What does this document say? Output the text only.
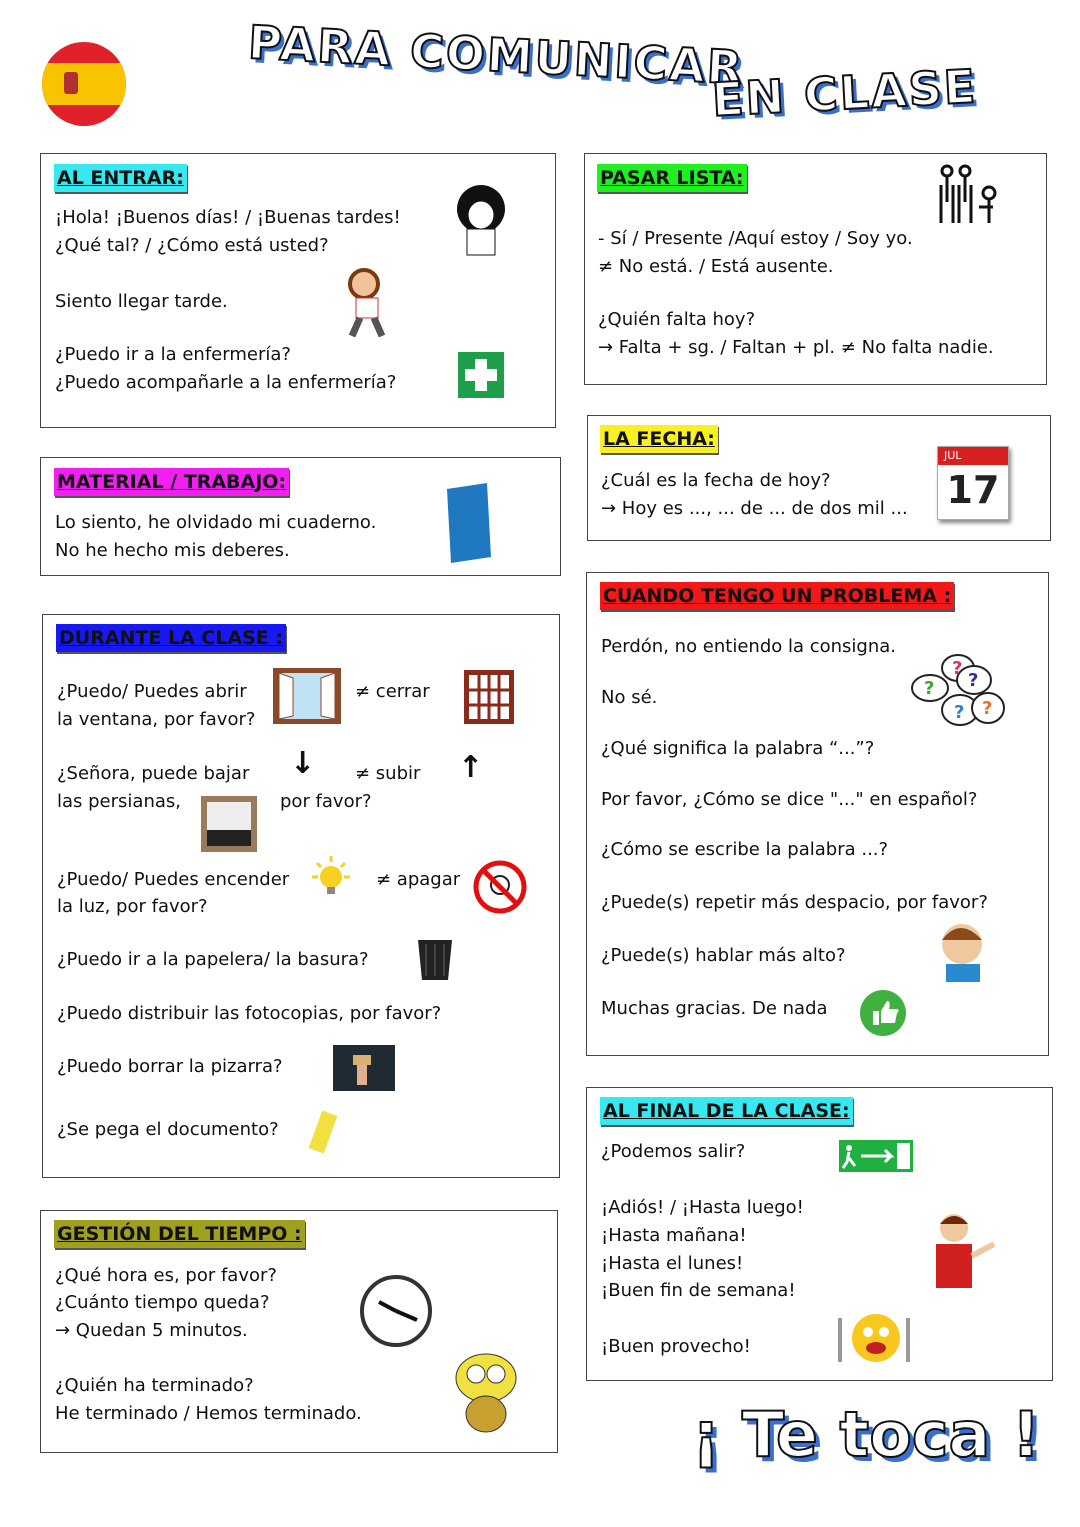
PARA COMUNICAR
EN CLASE
AL ENTRAR:
¡Hola! ¡Buenos días! / ¡Buenas tardes!
¿Qué tal? / ¿Cómo está usted?
Siento llegar tarde.
¿Puedo ir a la enfermería?
¿Puedo acompañarle a la enfermería?
MATERIAL / TRABAJO:
Lo siento, he olvidado mi cuaderno.
No he hecho mis deberes.
DURANTE LA CLASE :
¿Puedo/ Puedes abrir
la ventana, por favor?
≠ cerrar
¿Señora, puede bajar
las persianas,
≠ subir
por favor?
¿Puedo/ Puedes encender
la luz, por favor?
≠ apagar
¿Puedo ir a la papelera/ la basura?
¿Puedo distribuir las fotocopias, por favor?
¿Puedo borrar la pizarra?
¿Se pega el documento?
↓	↑
GESTIÓN DEL TIEMPO :
¿Qué hora es, por favor?
¿Cuánto tiempo queda?
→ Quedan 5 minutos.
¿Quién ha terminado?
He terminado / Hemos terminado.
PASAR LISTA:
- Sí / Presente /Aquí estoy / Soy yo.
≠ No está. / Está ausente.
¿Quién falta hoy?
→ Falta + sg. / Faltan + pl. ≠ No falta nadie.
LA FECHA:
¿Cuál es la fecha de hoy?
→ Hoy es ..., ... de ... de dos mil ...
JUL
17
CUANDO TENGO UN PROBLEMA :
Perdón, no entiendo la consigna.
No sé.
¿Qué significa la palabra “...”?
Por favor, ¿Cómo se dice "..." en español?
¿Cómo se escribe la palabra ...?
¿Puede(s) repetir más despacio, por favor?
¿Puede(s) hablar más alto?
Muchas gracias. De nada
?
?
?
? ?
AL FINAL DE LA CLASE:
¿Podemos salir?
¡Adiós! / ¡Hasta luego!
¡Hasta mañana!
¡Hasta el lunes!
¡Buen fin de semana!
¡Buen provecho!
¡ Te toca !
